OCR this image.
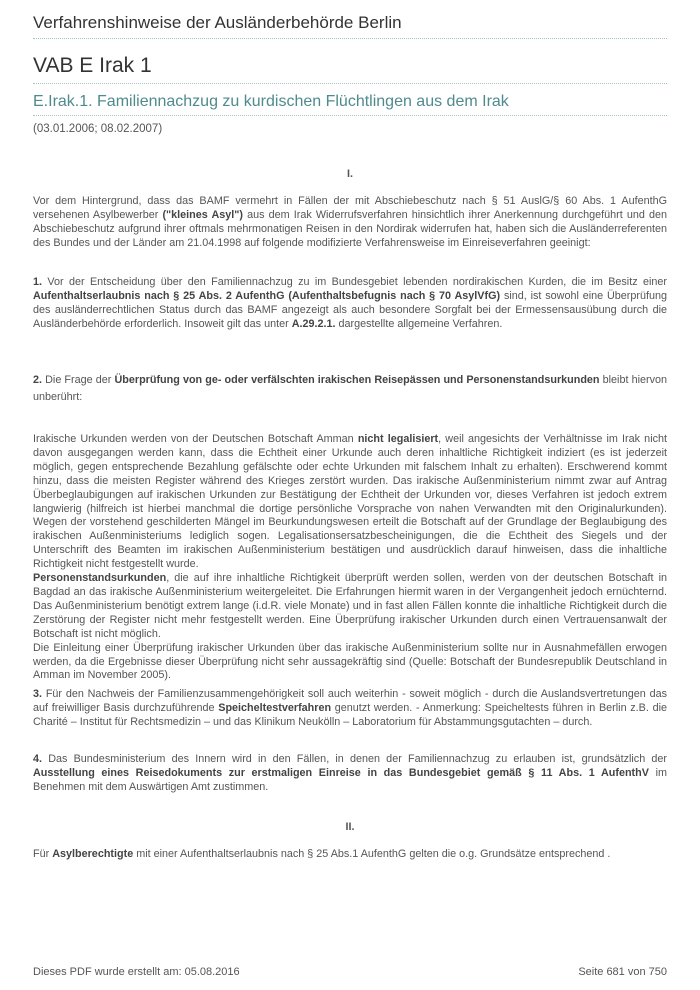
Verfahrenshinweise der Ausländerbehörde Berlin
VAB E Irak 1
E.Irak.1. Familiennachzug zu kurdischen Flüchtlingen aus dem Irak
(03.01.2006; 08.02.2007)
I.
Vor dem Hintergrund, dass das BAMF vermehrt in Fällen der mit Abschiebeschutz nach § 51 AuslG/§ 60 Abs. 1 AufenthG versehenen Asylbewerber ("kleines Asyl") aus dem Irak Widerrufsverfahren hinsichtlich ihrer Anerkennung durchgeführt und den Abschiebeschutz aufgrund ihrer oftmals mehrmonatigen Reisen in den Nordirak widerrufen hat, haben sich die Ausländerreferenten des Bundes und der Länder am 21.04.1998 auf folgende modifizierte Verfahrensweise im Einreiseverfahren geeinigt:
1. Vor der Entscheidung über den Familiennachzug zu im Bundesgebiet lebenden nordirakischen Kurden, die im Besitz einer Aufenthaltserlaubnis nach § 25 Abs. 2 AufenthG (Aufenthaltsbefugnis nach § 70 AsylVfG) sind, ist sowohl eine Überprüfung des ausländerrechtlichen Status durch das BAMF angezeigt als auch besondere Sorgfalt bei der Ermessensausübung durch die Ausländerbehörde erforderlich. Insoweit gilt das unter A.29.2.1. dargestellte allgemeine Verfahren.
2. Die Frage der Überprüfung von ge- oder verfälschten irakischen Reisepässen und Personenstandsurkunden bleibt hiervon unberührt:
Irakische Urkunden werden von der Deutschen Botschaft Amman nicht legalisiert, weil angesichts der Verhältnisse im Irak nicht davon ausgegangen werden kann, dass die Echtheit einer Urkunde auch deren inhaltliche Richtigkeit indiziert (es ist jederzeit möglich, gegen entsprechende Bezahlung gefälschte oder echte Urkunden mit falschem Inhalt zu erhalten). Erschwerend kommt hinzu, dass die meisten Register während des Krieges zerstört wurden. Das irakische Außenministerium nimmt zwar auf Antrag Überbeglaubigungen auf irakischen Urkunden zur Bestätigung der Echtheit der Urkunden vor, dieses Verfahren ist jedoch extrem langwierig (hilfreich ist hierbei manchmal die dortige persönliche Vorsprache von nahen Verwandten mit den Originalurkunden). Wegen der vorstehend geschilderten Mängel im Beurkundungswesen erteilt die Botschaft auf der Grundlage der Beglaubigung des irakischen Außenministeriums lediglich sogen. Legalisationsersatzbescheinigungen, die die Echtheit des Siegels und der Unterschrift des Beamten im irakischen Außenministerium bestätigen und ausdrücklich darauf hinweisen, dass die inhaltliche Richtigkeit nicht festgestellt wurde.
Personenstandsurkunden, die auf ihre inhaltliche Richtigkeit überprüft werden sollen, werden von der deutschen Botschaft in Bagdad an das irakische Außenministerium weitergeleitet. Die Erfahrungen hiermit waren in der Vergangenheit jedoch ernüchternd. Das Außenministerium benötigt extrem lange (i.d.R. viele Monate) und in fast allen Fällen konnte die inhaltliche Richtigkeit durch die Zerstörung der Register nicht mehr festgestellt werden. Eine Überprüfung irakischer Urkunden durch einen Vertrauensanwalt der Botschaft ist nicht möglich.
Die Einleitung einer Überprüfung irakischer Urkunden über das irakische Außenministerium sollte nur in Ausnahmefällen erwogen werden, da die Ergebnisse dieser Überprüfung nicht sehr aussagekräftig sind (Quelle: Botschaft der Bundesrepublik Deutschland in Amman im November 2005).
3. Für den Nachweis der Familienzusammengehörigkeit soll auch weiterhin - soweit möglich - durch die Auslandsvertretungen das auf freiwilliger Basis durchzuführende Speicheltestverfahren genutzt werden. - Anmerkung: Speicheltests führen in Berlin z.B. die Charité – Institut für Rechtsmedizin – und das Klinikum Neukölln – Laboratorium für Abstammungsgutachten – durch.
4. Das Bundesministerium des Innern wird in den Fällen, in denen der Familiennachzug zu erlauben ist, grundsätzlich der Ausstellung eines Reisedokuments zur erstmaligen Einreise in das Bundesgebiet gemäß § 11 Abs. 1 AufenthV im Benehmen mit dem Auswärtigen Amt zustimmen.
II.
Für Asylberechtigte mit einer Aufenthaltserlaubnis nach § 25 Abs.1 AufenthG gelten die o.g. Grundsätze entsprechend .
Dieses PDF wurde erstellt am: 05.08.2016	Seite 681 von 750
